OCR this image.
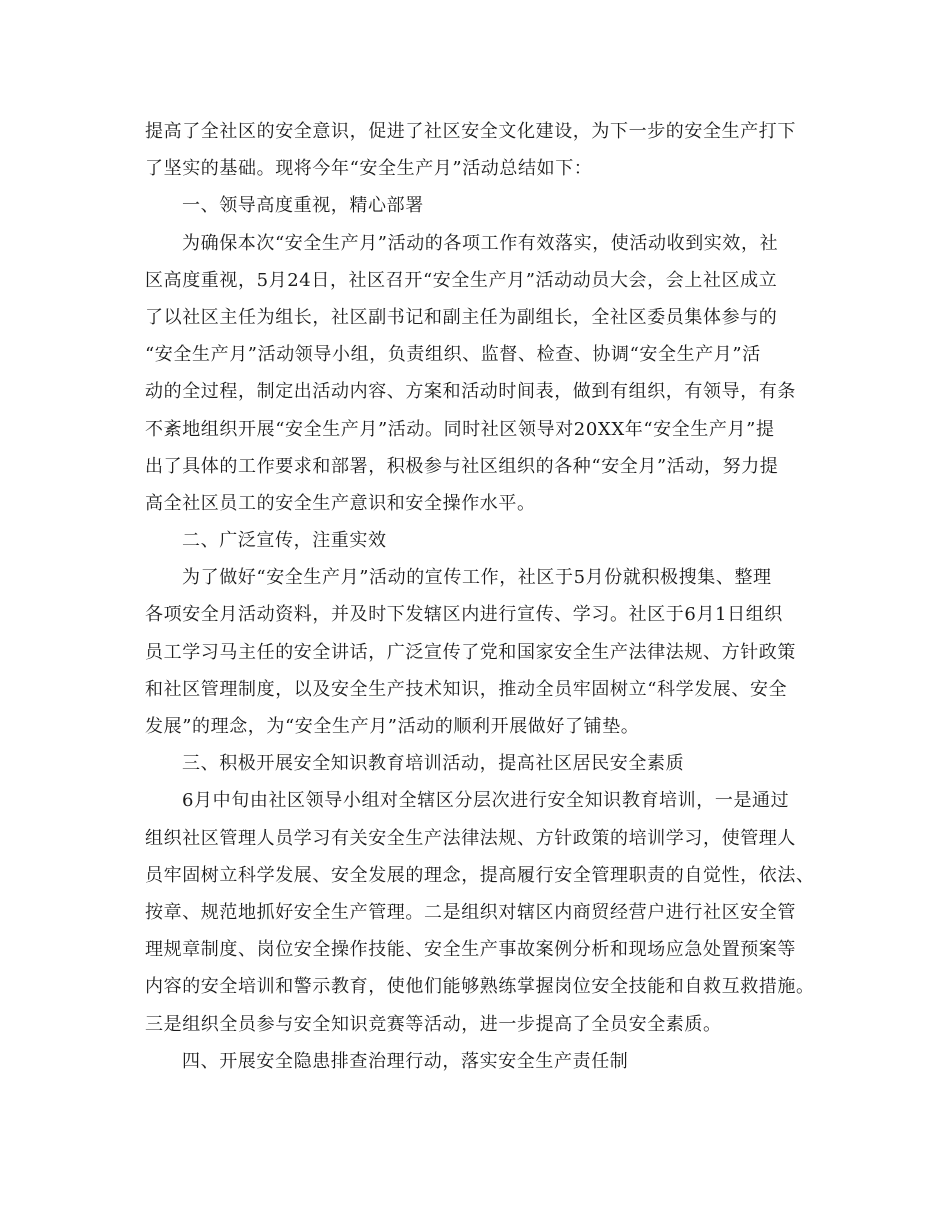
提高了全社区的安全意识，促进了社区安全文化建设，为下一步的安全生产打下
了坚实的基础。现将今年“安全生产月”活动总结如下：
一、领导高度重视，精心部署
为确保本次“安全生产月”活动的各项工作有效落实，使活动收到实效，社
区高度重视，5月24日，社区召开“安全生产月”活动动员大会，会上社区成立
了以社区主任为组长，社区副书记和副主任为副组长，全社区委员集体参与的
“安全生产月”活动领导小组，负责组织、监督、检查、协调“安全生产月”活
动的全过程，制定出活动内容、方案和活动时间表，做到有组织，有领导，有条
不紊地组织开展“安全生产月”活动。同时社区领导对20XX年“安全生产月”提
出了具体的工作要求和部署，积极参与社区组织的各种“安全月”活动，努力提
高全社区员工的安全生产意识和安全操作水平。
二、广泛宣传，注重实效
为了做好“安全生产月”活动的宣传工作，社区于5月份就积极搜集、整理
各项安全月活动资料，并及时下发辖区内进行宣传、学习。社区于6月1日组织
员工学习马主任的安全讲话，广泛宣传了党和国家安全生产法律法规、方针政策
和社区管理制度，以及安全生产技术知识，推动全员牢固树立“科学发展、安全
发展”的理念，为“安全生产月”活动的顺利开展做好了铺垫。
三、积极开展安全知识教育培训活动，提高社区居民安全素质
6月中旬由社区领导小组对全辖区分层次进行安全知识教育培训，一是通过
组织社区管理人员学习有关安全生产法律法规、方针政策的培训学习，使管理人
员牢固树立科学发展、安全发展的理念，提高履行安全管理职责的自觉性，依法、
按章、规范地抓好安全生产管理。二是组织对辖区内商贸经营户进行社区安全管
理规章制度、岗位安全操作技能、安全生产事故案例分析和现场应急处置预案等
内容的安全培训和警示教育，使他们能够熟练掌握岗位安全技能和自救互救措施。
三是组织全员参与安全知识竞赛等活动，进一步提高了全员安全素质。
四、开展安全隐患排查治理行动，落实安全生产责任制
